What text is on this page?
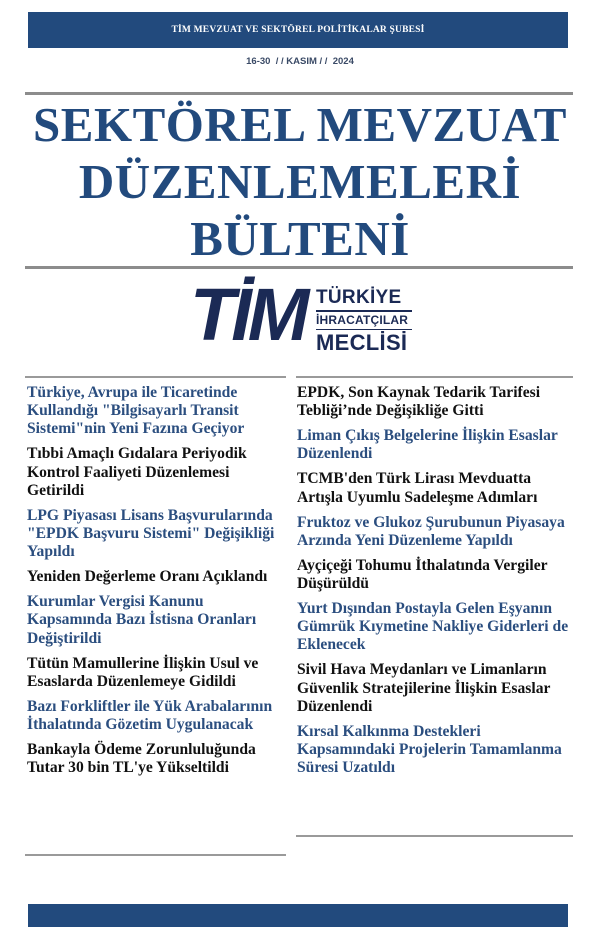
TİM MEVZUAT VE SEKTÖREL POLİTİKALAR ŞUBESİ
16-30  / / KASIM / /  2024
SEKTÖREL MEVZUAT
DÜZENLEMELERİ
BÜLTENİ
TİM TÜRKİYE
İHRACATÇILAR
MECLİSİ
Türkiye, Avrupa ile Ticaretinde Kullandığı "Bilgisayarlı Transit Sistemi"nin Yeni Fazına Geçiyor
Tıbbi Amaçlı Gıdalara Periyodik Kontrol Faaliyeti Düzenlemesi Getirildi
LPG Piyasası Lisans Başvurularında "EPDK Başvuru Sistemi" Değişikliği Yapıldı
Yeniden Değerleme Oranı Açıklandı
Kurumlar Vergisi Kanunu Kapsamında Bazı İstisna Oranları Değiştirildi
Tütün Mamullerine İlişkin Usul ve Esaslarda Düzenlemeye Gidildi
Bazı Forkliftler ile Yük Arabalarının İthalatında Gözetim Uygulanacak
Bankayla Ödeme Zorunluluğunda Tutar 30 bin TL'ye Yükseltildi
EPDK, Son Kaynak Tedarik Tarifesi Tebliği’nde Değişikliğe Gitti
Liman Çıkış Belgelerine İlişkin Esaslar Düzenlendi
TCMB'den Türk Lirası Mevduatta Artışla Uyumlu Sadeleşme Adımları
Fruktoz ve Glukoz Şurubunun Piyasaya Arzında Yeni Düzenleme Yapıldı
Ayçiçeği Tohumu İthalatında Vergiler Düşürüldü
Yurt Dışından Postayla Gelen Eşyanın Gümrük Kıymetine Nakliye Giderleri de Eklenecek
Sivil Hava Meydanları ve Limanların Güvenlik Stratejilerine İlişkin Esaslar Düzenlendi
Kırsal Kalkınma Destekleri Kapsamındaki Projelerin Tamamlanma Süresi Uzatıldı
